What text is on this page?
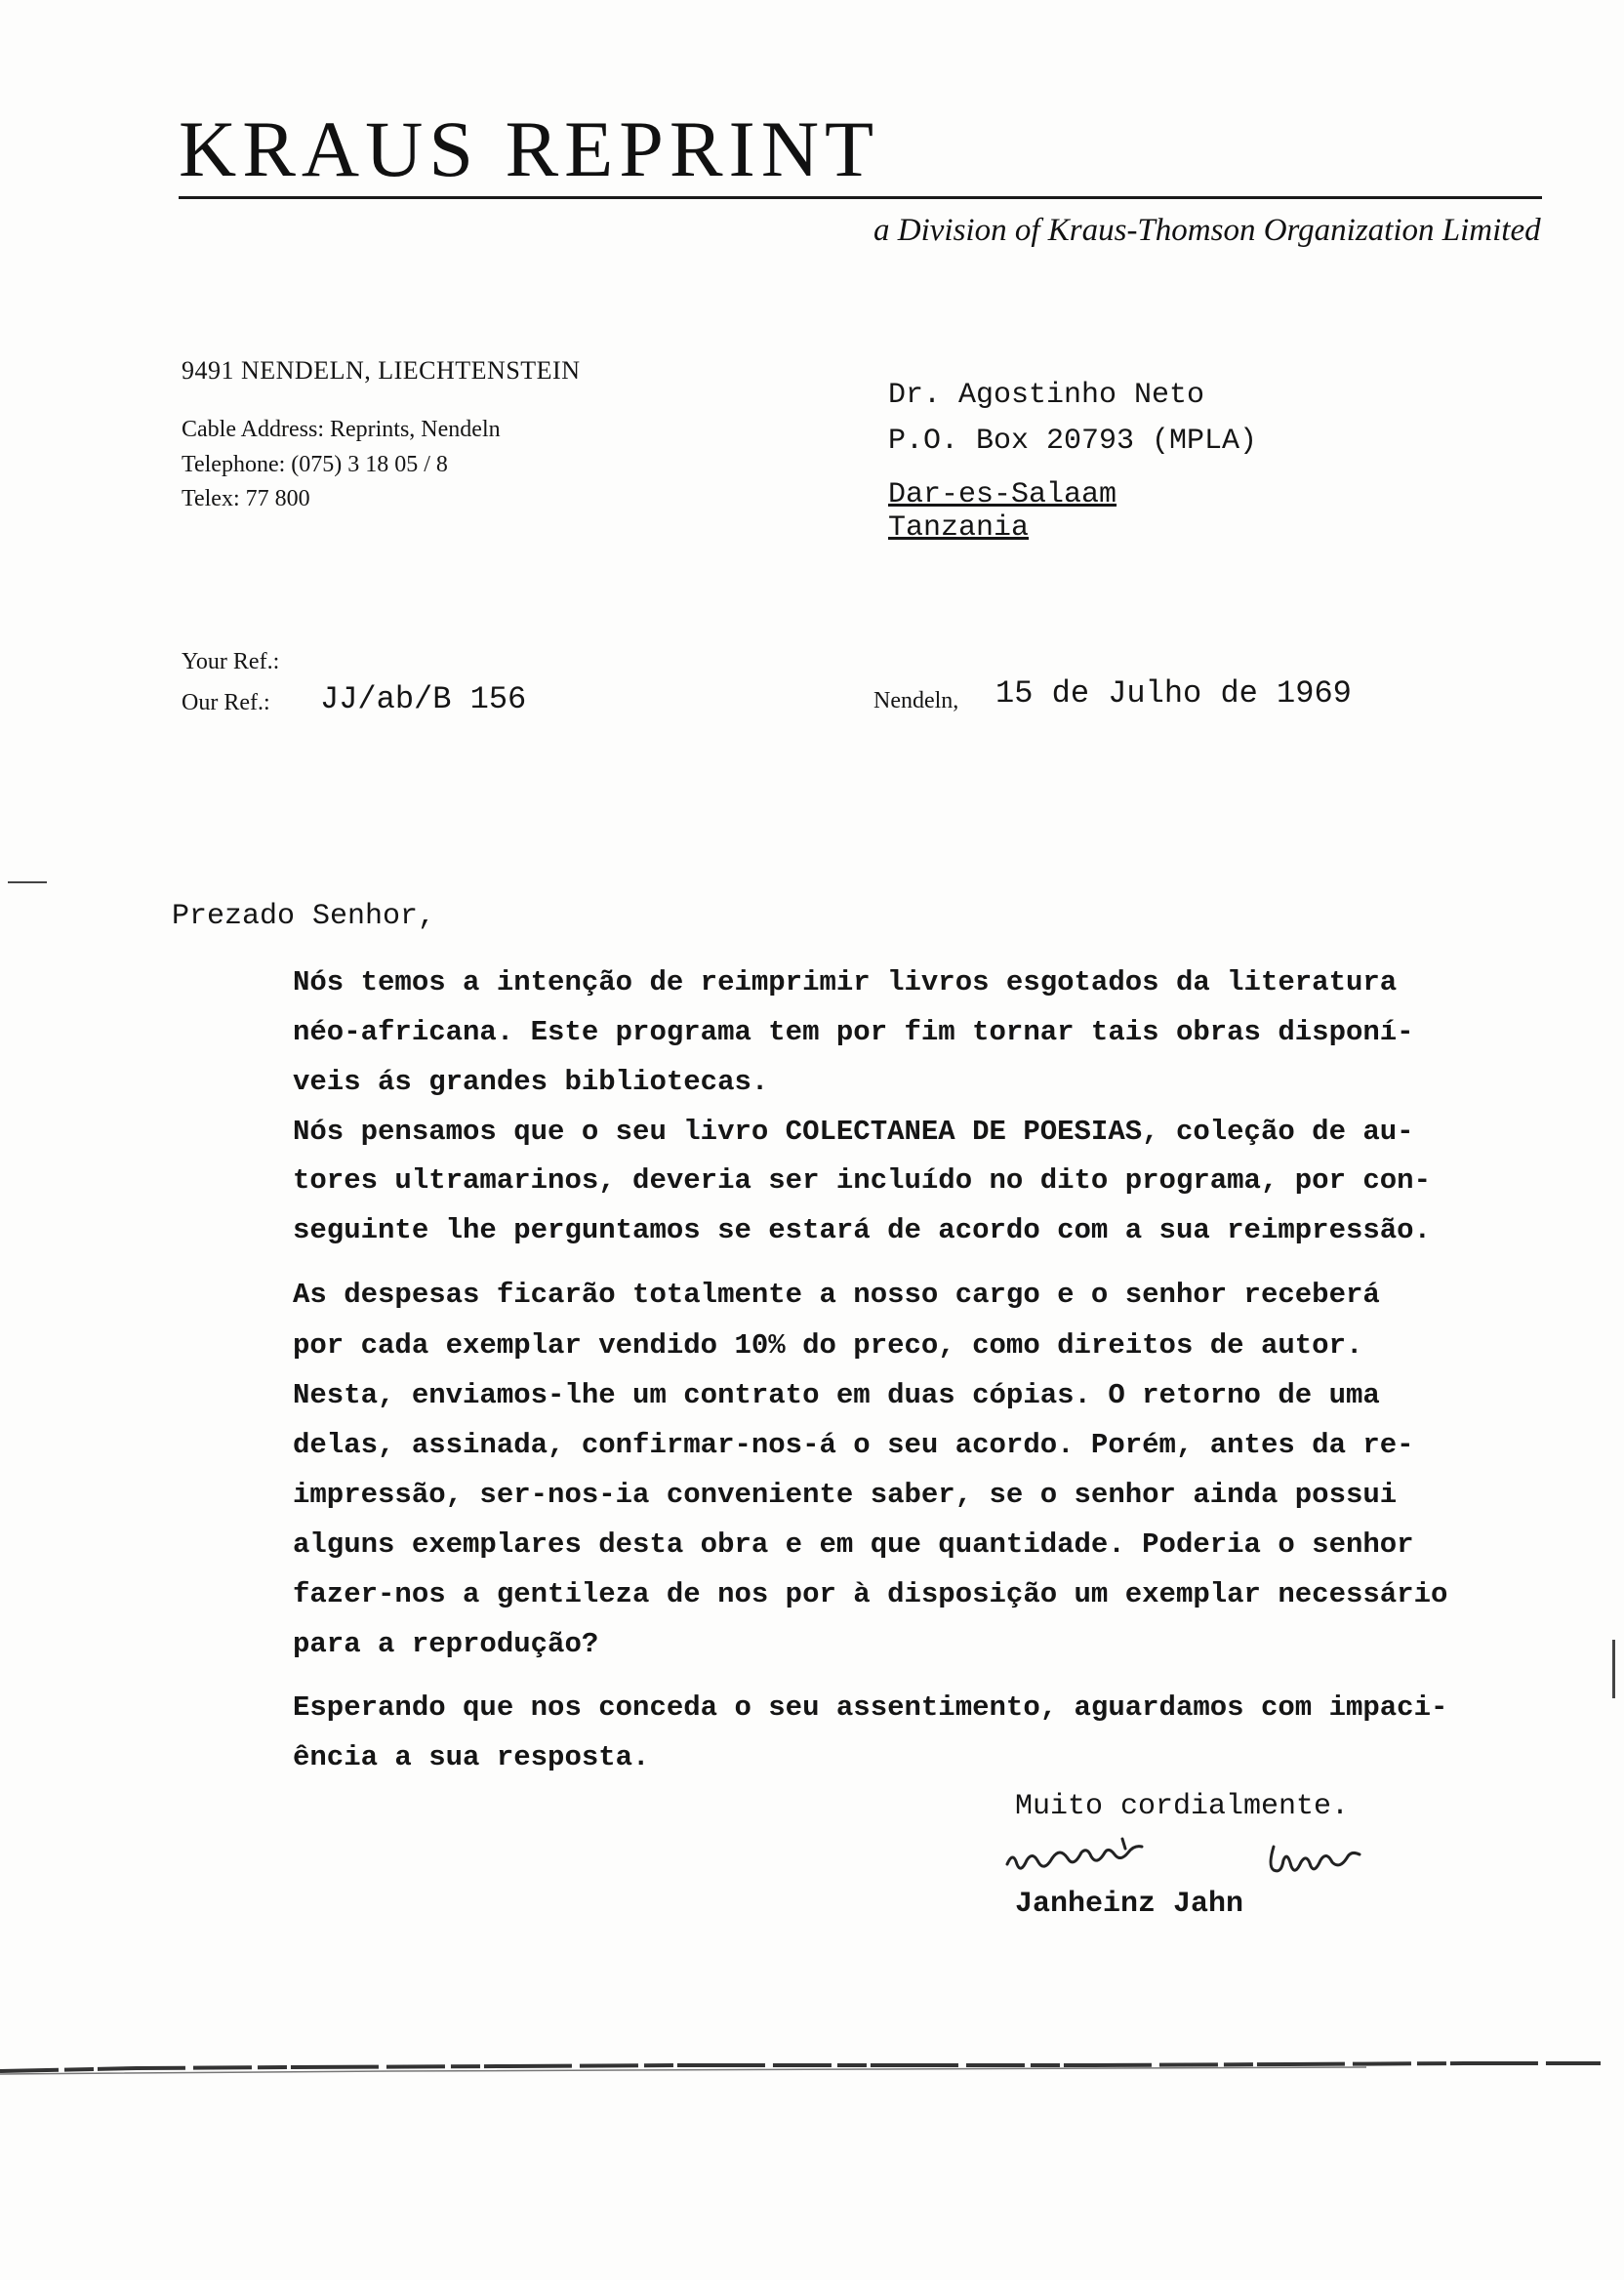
KRAUS REPRINT
a Division of Kraus-Thomson Organization Limited
9491 NENDELN, LIECHTENSTEIN
Cable Address: Reprints, Nendeln
Telephone: (075) 3 18 05 / 8
Telex: 77 800
Dr. Agostinho Neto
P.O. Box 20793 (MPLA)
Dar-es-Salaam
Tanzania
Your Ref.:
Our Ref.: JJ/ab/B 156	Nendeln, 15 de Julho de 1969
Prezado Senhor,
Nós temos a intenção de reimprimir livros esgotados da literatura
néo-africana. Este programa tem por fim tornar tais obras disponí-
veis ás grandes bibliotecas.
Nós pensamos que o seu livro COLECTANEA DE POESIAS, coleção de au-
tores ultramarinos, deveria ser incluído no dito programa, por con-
seguinte lhe perguntamos se estará de acordo com a sua reimpressão.
As despesas ficarão totalmente a nosso cargo e o senhor receberá
por cada exemplar vendido 10% do preco, como direitos de autor.
Nesta, enviamos-lhe um contrato em duas cópias. O retorno de uma
delas, assinada, confirmar-nos-á o seu acordo. Porém, antes da re-
impressão, ser-nos-ia conveniente saber, se o senhor ainda possui
alguns exemplares desta obra e em que quantidade. Poderia o senhor
fazer-nos a gentileza de nos por à disposição um exemplar necessário
para a reprodução?
Esperando que nos conceda o seu assentimento, aguardamos com impaci-
ência a sua resposta.
Muito cordialmente.
Janheinz Jahn
